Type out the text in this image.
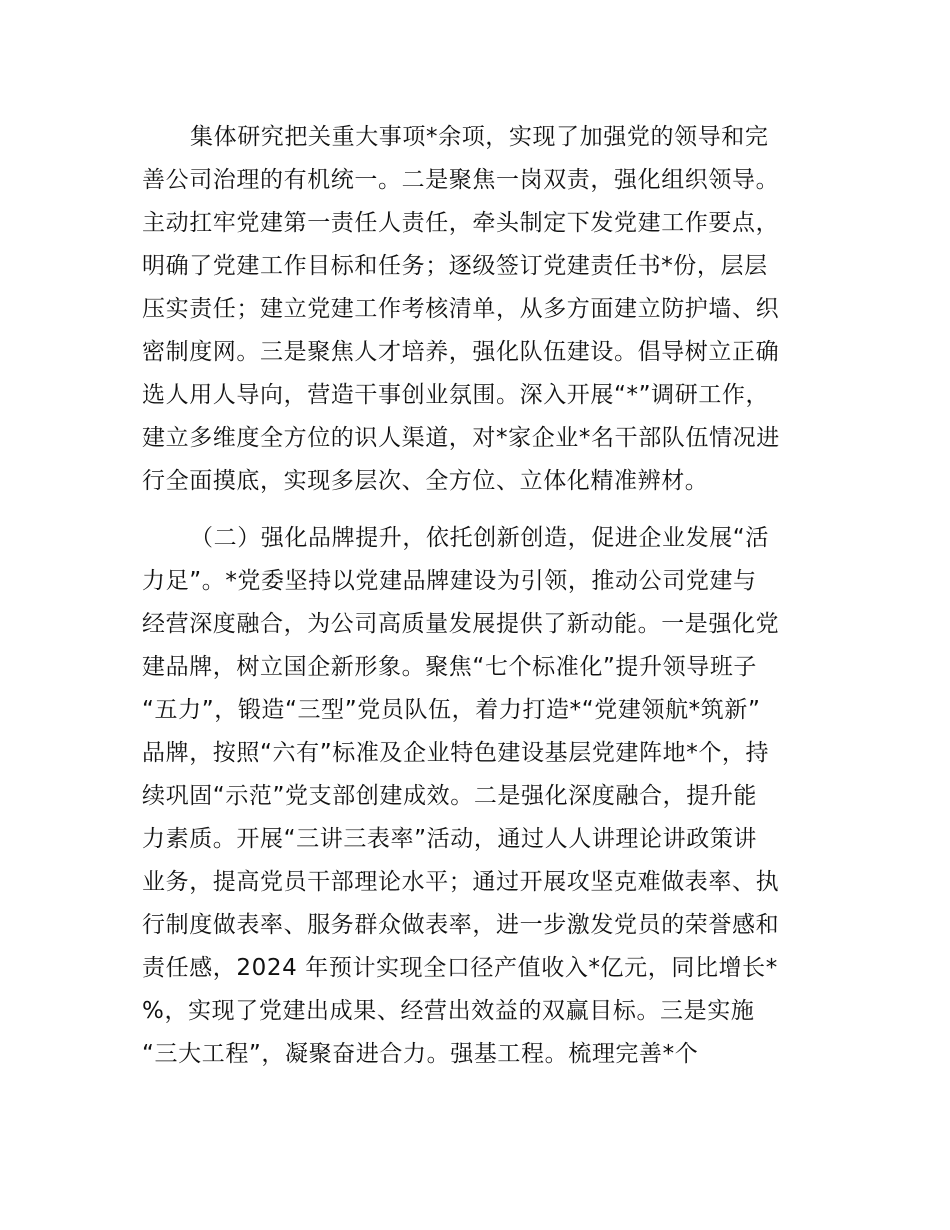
集体研究把关重大事项*余项，实现了加强党的领导和完
善公司治理的有机统一。二是聚焦一岗双责，强化组织领导。
主动扛牢党建第一责任人责任，牵头制定下发党建工作要点，
明确了党建工作目标和任务；逐级签订党建责任书*份，层层
压实责任；建立党建工作考核清单，从多方面建立防护墙、织
密制度网。三是聚焦人才培养，强化队伍建设。倡导树立正确
选人用人导向，营造干事创业氛围。深入开展“*”调研工作，
建立多维度全方位的识人渠道，对*家企业*名干部队伍情况进
行全面摸底，实现多层次、全方位、立体化精准辨材。
（二）强化品牌提升，依托创新创造，促进企业发展“活
力足”。*党委坚持以党建品牌建设为引领，推动公司党建与
经营深度融合，为公司高质量发展提供了新动能。一是强化党
建品牌，树立国企新形象。聚焦“七个标准化”提升领导班子
“五力”，锻造“三型”党员队伍，着力打造*“党建领航*筑新”
品牌，按照“六有”标准及企业特色建设基层党建阵地*个，持
续巩固“示范”党支部创建成效。二是强化深度融合，提升能
力素质。开展“三讲三表率”活动，通过人人讲理论讲政策讲
业务，提高党员干部理论水平；通过开展攻坚克难做表率、执
行制度做表率、服务群众做表率，进一步激发党员的荣誉感和
责任感，2024 年预计实现全口径产值收入*亿元，同比增长*
%，实现了党建出成果、经营出效益的双赢目标。三是实施
“三大工程”，凝聚奋进合力。强基工程。梳理完善*个
